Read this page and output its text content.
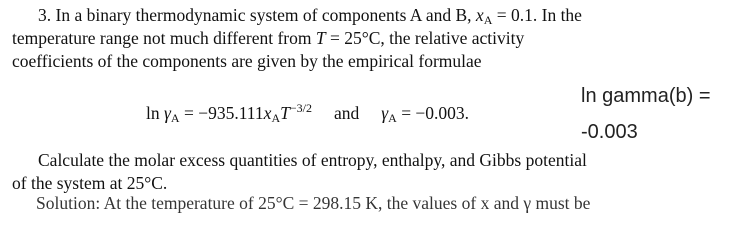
3. In a binary thermodynamic system of components A and B, $x_A = 0.1$. In the
temperature range not much different from T = 25°C, the relative activity
coefficients of the components are given by the empirical formulae
$\ln \gamma_A = -935.111x_AT^{-3/2}$ and $\gamma_A = -0.003$.
ln gamma(b) =
-0.003
Calculate the molar excess quantities of entropy, enthalpy, and Gibbs potential
of the system at 25°C.
Solution: At the temperature of 25°C = 298.15 K, the values of x and γ must be
